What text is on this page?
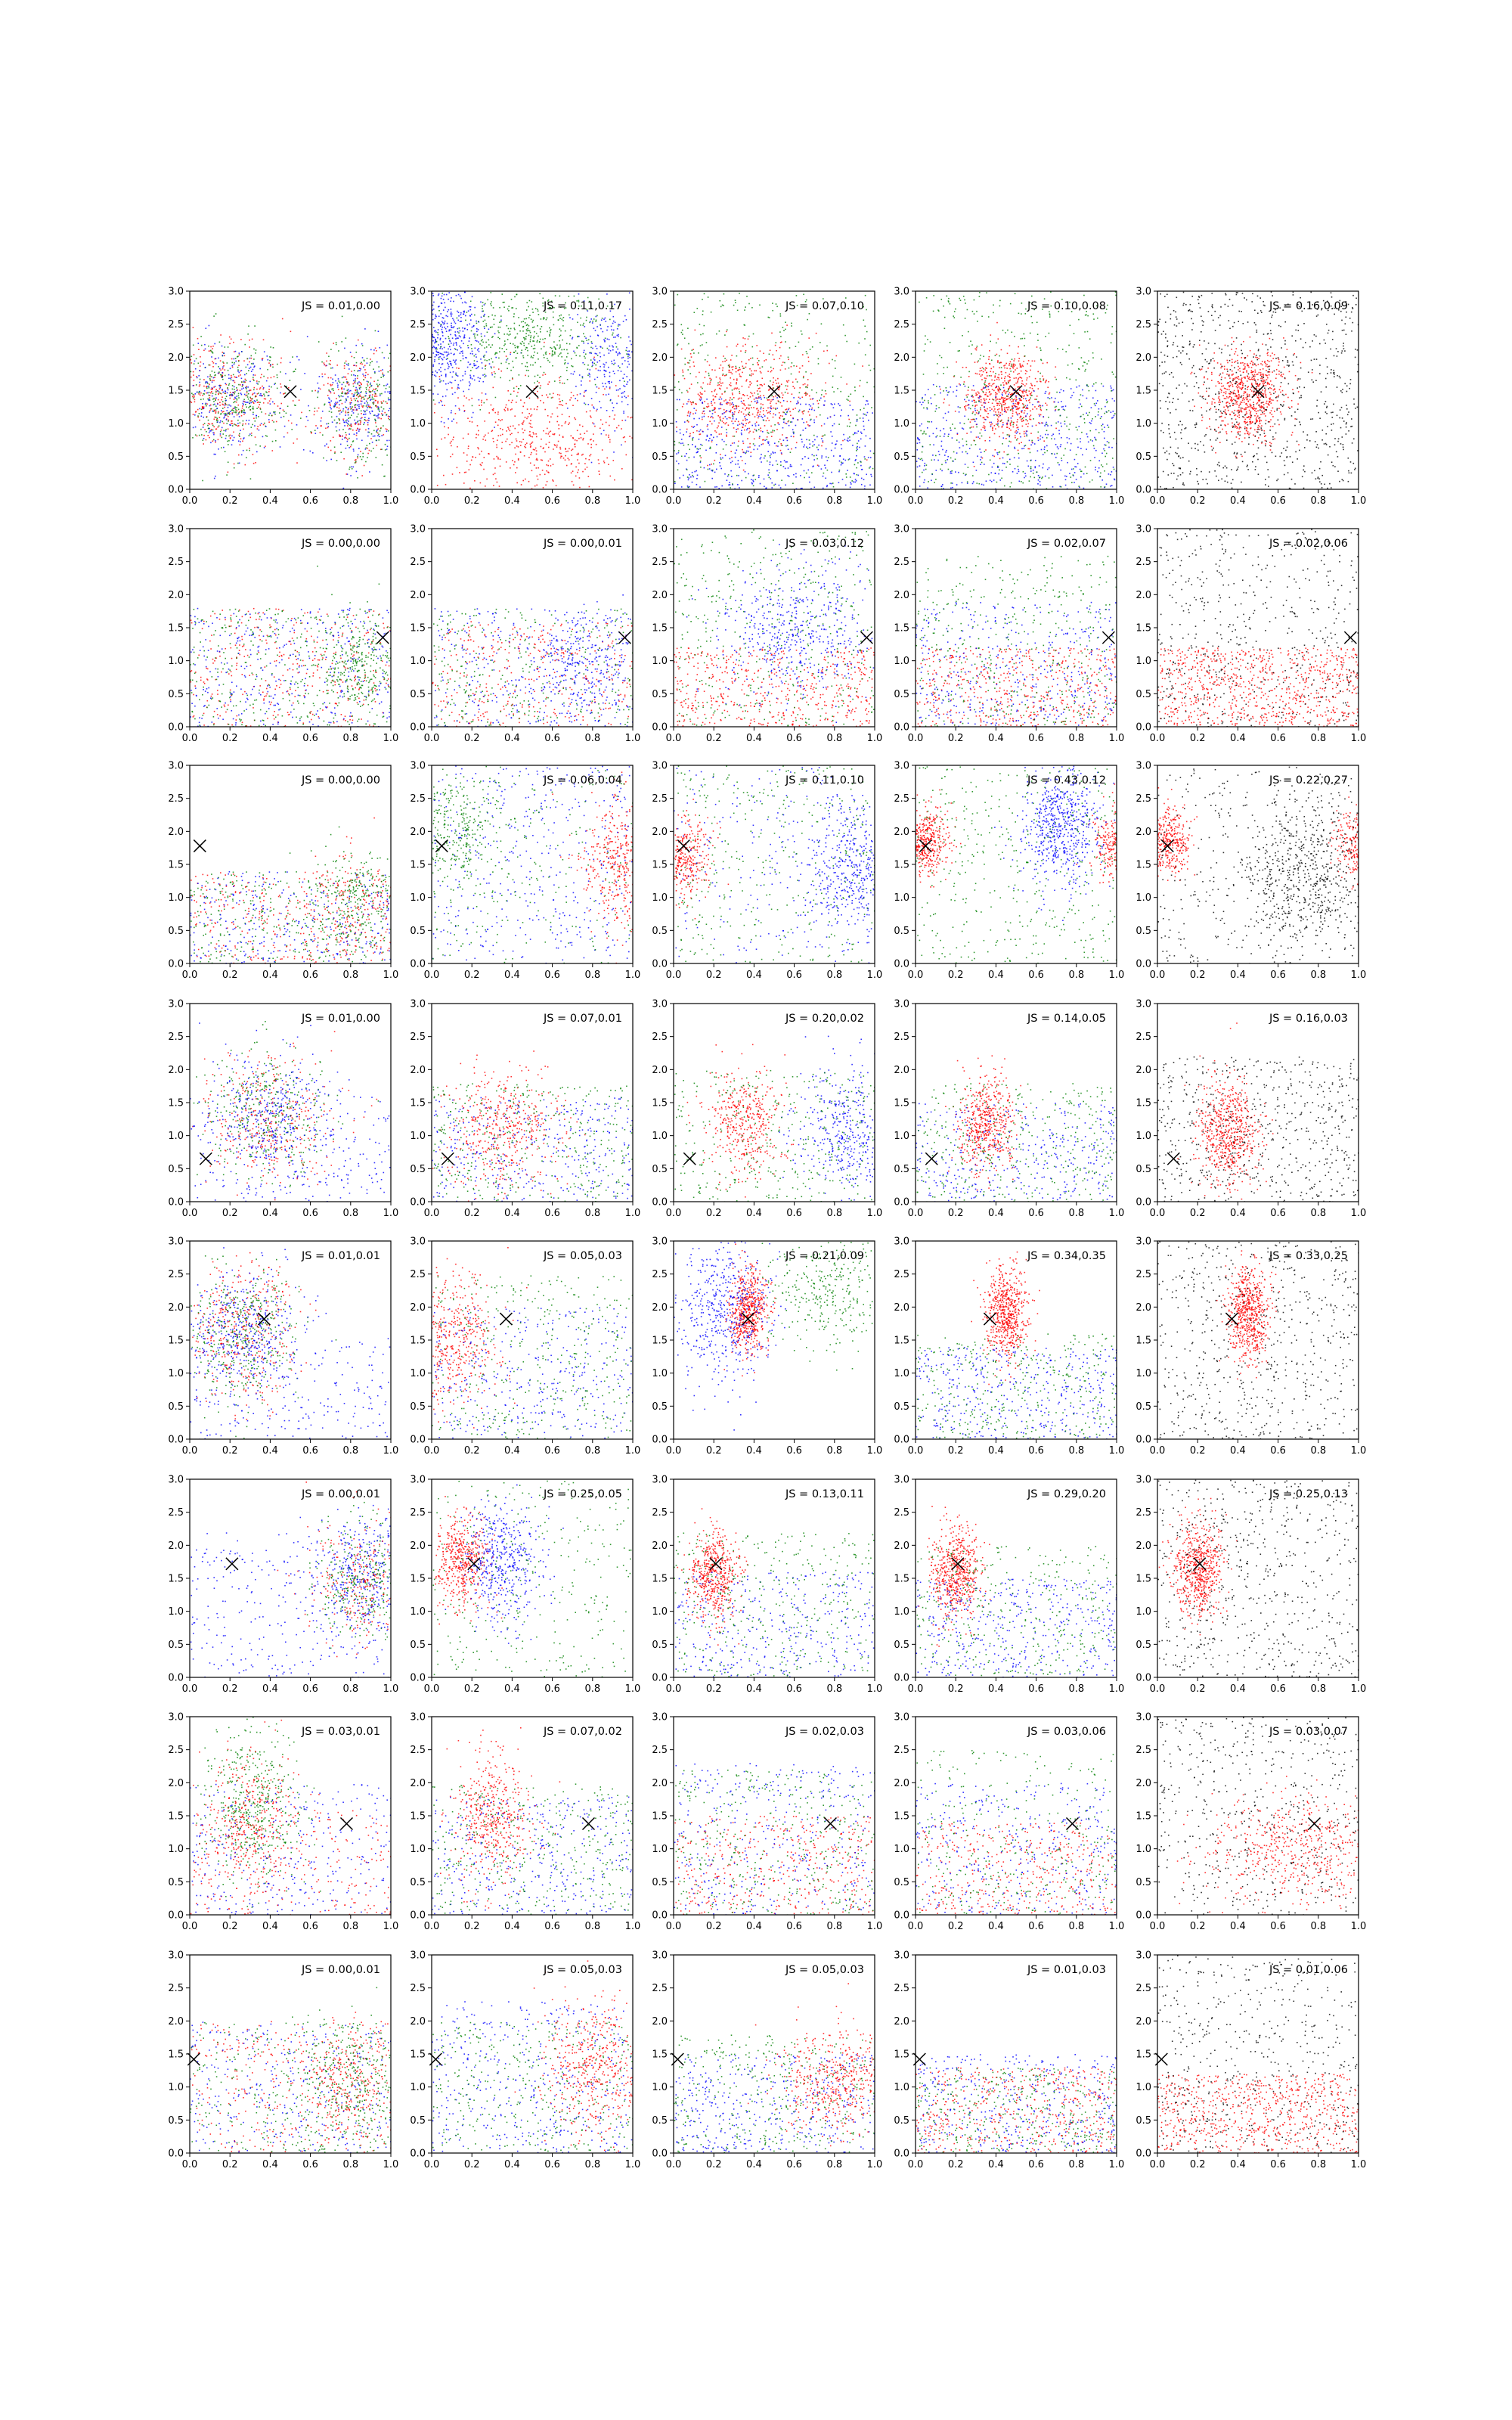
0.0	0.2	0.4	0.6	0.8	1.0
0.0
0.5
1.0
1.5
2.0
2.5
3.0
JS = 0.01,0.00
0.0	0.2	0.4	0.6	0.8	1.0
0.0
0.5
1.0
1.5
2.0
2.5
3.0
JS = 0.11,0.17
0.0	0.2	0.4	0.6	0.8	1.0
0.0
0.5
1.0
1.5
2.0
2.5
3.0
JS = 0.07,0.10
0.0	0.2	0.4	0.6	0.8	1.0
0.0
0.5
1.0
1.5
2.0
2.5
3.0
JS = 0.10,0.08
0.0	0.2	0.4	0.6	0.8	1.0
0.0
0.5
1.0
1.5
2.0
2.5
3.0
JS = 0.16,0.09
0.0	0.2	0.4	0.6	0.8	1.0
0.0
0.5
1.0
1.5
2.0
2.5
3.0
JS = 0.00,0.00
0.0	0.2	0.4	0.6	0.8	1.0
0.0
0.5
1.0
1.5
2.0
2.5
3.0
JS = 0.00,0.01
0.0	0.2	0.4	0.6	0.8	1.0
0.0
0.5
1.0
1.5
2.0
2.5
3.0
JS = 0.03,0.12
0.0	0.2	0.4	0.6	0.8	1.0
0.0
0.5
1.0
1.5
2.0
2.5
3.0
JS = 0.02,0.07
0.0	0.2	0.4	0.6	0.8	1.0
0.0
0.5
1.0
1.5
2.0
2.5
3.0
JS = 0.02,0.06
0.0	0.2	0.4	0.6	0.8	1.0
0.0
0.5
1.0
1.5
2.0
2.5
3.0
JS = 0.00,0.00
0.0	0.2	0.4	0.6	0.8	1.0
0.0
0.5
1.0
1.5
2.0
2.5
3.0
JS = 0.06,0.04
0.0	0.2	0.4	0.6	0.8	1.0
0.0
0.5
1.0
1.5
2.0
2.5
3.0
JS = 0.11,0.10
0.0	0.2	0.4	0.6	0.8	1.0
0.0
0.5
1.0
1.5
2.0
2.5
3.0
JS = 0.43,0.12
0.0	0.2	0.4	0.6	0.8	1.0
0.0
0.5
1.0
1.5
2.0
2.5
3.0
JS = 0.22,0.27
0.0	0.2	0.4	0.6	0.8	1.0
0.0
0.5
1.0
1.5
2.0
2.5
3.0
JS = 0.01,0.00
0.0	0.2	0.4	0.6	0.8	1.0
0.0
0.5
1.0
1.5
2.0
2.5
3.0
JS = 0.07,0.01
0.0	0.2	0.4	0.6	0.8	1.0
0.0
0.5
1.0
1.5
2.0
2.5
3.0
JS = 0.20,0.02
0.0	0.2	0.4	0.6	0.8	1.0
0.0
0.5
1.0
1.5
2.0
2.5
3.0
JS = 0.14,0.05
0.0	0.2	0.4	0.6	0.8	1.0
0.0
0.5
1.0
1.5
2.0
2.5
3.0
JS = 0.16,0.03
0.0	0.2	0.4	0.6	0.8	1.0
0.0
0.5
1.0
1.5
2.0
2.5
3.0
JS = 0.01,0.01
0.0	0.2	0.4	0.6	0.8	1.0
0.0
0.5
1.0
1.5
2.0
2.5
3.0
JS = 0.05,0.03
0.0	0.2	0.4	0.6	0.8	1.0
0.0
0.5
1.0
1.5
2.0
2.5
3.0
JS = 0.21,0.09
0.0	0.2	0.4	0.6	0.8	1.0
0.0
0.5
1.0
1.5
2.0
2.5
3.0
JS = 0.34,0.35
0.0	0.2	0.4	0.6	0.8	1.0
0.0
0.5
1.0
1.5
2.0
2.5
3.0
JS = 0.33,0.25
0.0	0.2	0.4	0.6	0.8	1.0
0.0
0.5
1.0
1.5
2.0
2.5
3.0
JS = 0.00,0.01
0.0	0.2	0.4	0.6	0.8	1.0
0.0
0.5
1.0
1.5
2.0
2.5
3.0
JS = 0.25,0.05
0.0	0.2	0.4	0.6	0.8	1.0
0.0
0.5
1.0
1.5
2.0
2.5
3.0
JS = 0.13,0.11
0.0	0.2	0.4	0.6	0.8	1.0
0.0
0.5
1.0
1.5
2.0
2.5
3.0
JS = 0.29,0.20
0.0	0.2	0.4	0.6	0.8	1.0
0.0
0.5
1.0
1.5
2.0
2.5
3.0
JS = 0.25,0.13
0.0	0.2	0.4	0.6	0.8	1.0
0.0
0.5
1.0
1.5
2.0
2.5
3.0
JS = 0.03,0.01
0.0	0.2	0.4	0.6	0.8	1.0
0.0
0.5
1.0
1.5
2.0
2.5
3.0
JS = 0.07,0.02
0.0	0.2	0.4	0.6	0.8	1.0
0.0
0.5
1.0
1.5
2.0
2.5
3.0
JS = 0.02,0.03
0.0	0.2	0.4	0.6	0.8	1.0
0.0
0.5
1.0
1.5
2.0
2.5
3.0
JS = 0.03,0.06
0.0	0.2	0.4	0.6	0.8	1.0
0.0
0.5
1.0
1.5
2.0
2.5
3.0
JS = 0.03,0.07
0.0	0.2	0.4	0.6	0.8	1.0
0.0
0.5
1.0
1.5
2.0
2.5
3.0
JS = 0.00,0.01
0.0	0.2	0.4	0.6	0.8	1.0
0.0
0.5
1.0
1.5
2.0
2.5
3.0
JS = 0.05,0.03
0.0	0.2	0.4	0.6	0.8	1.0
0.0
0.5
1.0
1.5
2.0
2.5
3.0
JS = 0.05,0.03
0.0	0.2	0.4	0.6	0.8	1.0
0.0
0.5
1.0
1.5
2.0
2.5
3.0
JS = 0.01,0.03
0.0	0.2	0.4	0.6	0.8	1.0
0.0
0.5
1.0
1.5
2.0
2.5
3.0
JS = 0.01,0.06
